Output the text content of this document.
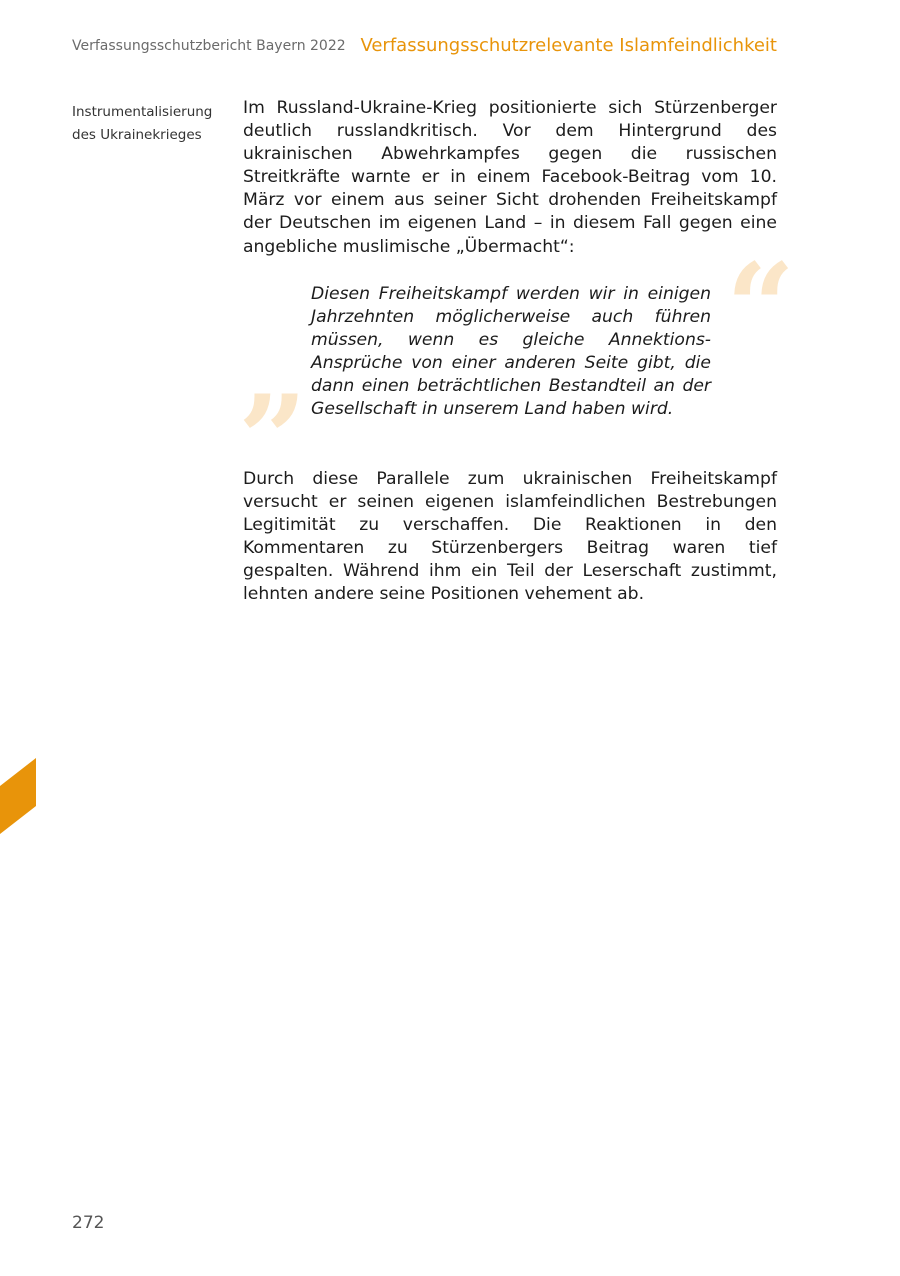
Verfassungsschutzbericht Bayern 2022 Verfassungsschutzrelevante Islamfeindlichkeit
Instrumentalisierung
des Ukrainekrieges

Im Russland-Ukraine-Krieg positionierte sich Stürzenberger deutlich russlandkritisch. Vor dem Hintergrund des ukrainischen Abwehrkampfes gegen die russischen Streitkräfte warnte er in einem Facebook-Beitrag vom 10. März vor einem aus seiner Sicht drohenden Freiheitskampf der Deutschen im eigenen Land – in diesem Fall gegen eine angebliche muslimische „Übermacht“:	“

Diesen Freiheitskampf werden wir in einigen Jahrzehnten möglicherweise auch führen müssen, wenn es gleiche Annektions-Ansprüche von einer anderen Seite gibt, die dann einen beträchtlichen Bestandteil an der Gesellschaft in unserem Land haben wird.

”

Durch diese Parallele zum ukrainischen Freiheitskampf versucht er seinen eigenen islamfeindlichen Bestrebungen Legitimität zu verschaffen. Die Reaktionen in den Kommentaren zu Stürzenbergers Beitrag waren tief gespalten. Während ihm ein Teil der Leserschaft zustimmt, lehnten andere seine Positionen vehement ab.

272
